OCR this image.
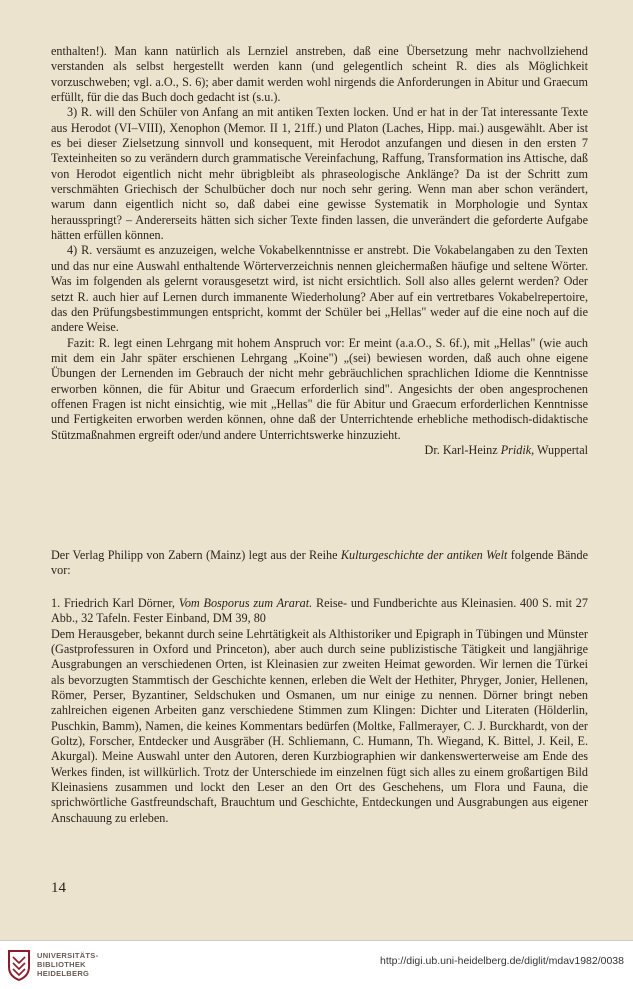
enthalten!). Man kann natürlich als Lernziel anstreben, daß eine Übersetzung mehr nachvollziehend verstanden als selbst hergestellt werden kann (und gelegentlich scheint R. dies als Möglichkeit vorzuschweben; vgl. a.O., S. 6); aber damit werden wohl nirgends die Anforderungen in Abitur und Graecum erfüllt, für die das Buch doch gedacht ist (s.u.).

3) R. will den Schüler von Anfang an mit antiken Texten locken. Und er hat in der Tat interessante Texte aus Herodot (VI–VIII), Xenophon (Memor. II 1, 21ff.) und Platon (Laches, Hipp. mai.) ausgewählt. Aber ist es bei dieser Zielsetzung sinnvoll und konsequent, mit Herodot anzufangen und diesen in den ersten 7 Texteinheiten so zu verändern durch grammatische Vereinfachung, Raffung, Transformation ins Attische, daß von Herodot eigentlich nicht mehr übrigbleibt als phraseologische Anklänge? Da ist der Schritt zum verschmähten Griechisch der Schulbücher doch nur noch sehr gering. Wenn man aber schon verändert, warum dann eigentlich nicht so, daß dabei eine gewisse Systematik in Morphologie und Syntax herausspringt? – Andererseits hätten sich sicher Texte finden lassen, die unverändert die geforderte Aufgabe hätten erfüllen können.

4) R. versäumt es anzuzeigen, welche Vokabelkenntnisse er anstrebt. Die Vokabelangaben zu den Texten und das nur eine Auswahl enthaltende Wörterverzeichnis nennen gleichermaßen häufige und seltene Wörter. Was im folgenden als gelernt vorausgesetzt wird, ist nicht ersichtlich. Soll also alles gelernt werden? Oder setzt R. auch hier auf Lernen durch immanente Wiederholung? Aber auf ein vertretbares Vokabelrepertoire, das den Prüfungsbestimmungen entspricht, kommt der Schüler bei „Hellas" weder auf die eine noch auf die andere Weise.

Fazit: R. legt einen Lehrgang mit hohem Anspruch vor: Er meint (a.a.O., S. 6f.), mit „Hellas" (wie auch mit dem ein Jahr später erschienen Lehrgang „Koine") „(sei) bewiesen worden, daß auch ohne eigene Übungen der Lernenden im Gebrauch der nicht mehr gebräuchlichen sprachlichen Idiome die Kenntnisse erworben können, die für Abitur und Graecum erforderlich sind". Angesichts der oben angesprochenen offenen Fragen ist nicht einsichtig, wie mit „Hellas" die für Abitur und Graecum erforderlichen Kenntnisse und Fertigkeiten erworben werden können, ohne daß der Unterrichtende erhebliche methodisch-didaktische Stützmaßnahmen ergreift oder/und andere Unterrichtswerke hinzuzieht.

Dr. Karl-Heinz Pridik, Wuppertal

Der Verlag Philipp von Zabern (Mainz) legt aus der Reihe Kulturgeschichte der antiken Welt folgende Bände vor:

1. Friedrich Karl Dörner, Vom Bosporus zum Ararat. Reise- und Fundberichte aus Kleinasien. 400 S. mit 27 Abb., 32 Tafeln. Fester Einband, DM 39, 80

Dem Herausgeber, bekannt durch seine Lehrtätigkeit als Althistoriker und Epigraph in Tübingen und Münster (Gastprofessuren in Oxford und Princeton), aber auch durch seine publizistische Tätigkeit und langjährige Ausgrabungen an verschiedenen Orten, ist Kleinasien zur zweiten Heimat geworden. Wir lernen die Türkei als bevorzugten Stammtisch der Geschichte kennen, erleben die Welt der Hethiter, Phryger, Jonier, Hellenen, Römer, Perser, Byzantiner, Seldschuken und Osmanen, um nur einige zu nennen. Dörner bringt neben zahlreichen eigenen Arbeiten ganz verschiedene Stimmen zum Klingen: Dichter und Literaten (Hölderlin, Puschkin, Bamm), Namen, die keines Kommentars bedürfen (Moltke, Fallmerayer, C. J. Burckhardt, von der Goltz), Forscher, Entdecker und Ausgräber (H. Schliemann, C. Humann, Th. Wiegand, K. Bittel, J. Keil, E. Akurgal). Meine Auswahl unter den Autoren, deren Kurzbiographien wir dankenswerterweise am Ende des Werkes finden, ist willkürlich. Trotz der Unterschiede im einzelnen fügt sich alles zu einem großartigen Bild Kleinasiens zusammen und lockt den Leser an den Ort des Geschehens, um Flora und Fauna, die sprichwörtliche Gastfreundschaft, Brauchtum und Geschichte, Entdeckungen und Ausgrabungen aus eigener Anschauung zu erleben.

14
UNIVERSITÄTS-
BIBLIOTHEK
HEIDELBERG
http://digi.ub.uni-heidelberg.de/diglit/mdav1982/0038
